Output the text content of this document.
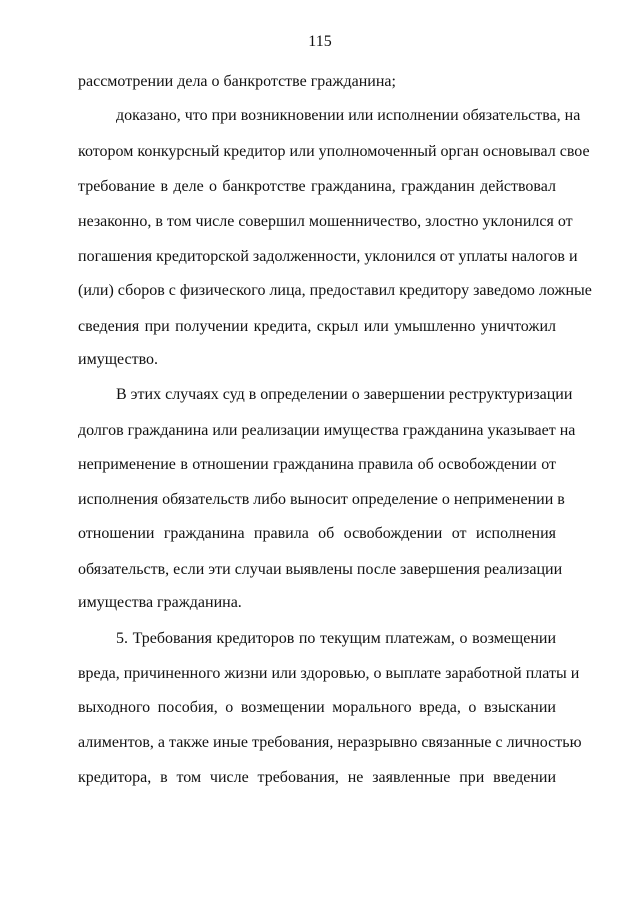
115
рассмотрении дела о банкротстве гражданина;
доказано, что при возникновении или исполнении обязательства, на
котором конкурсный кредитор или уполномоченный орган основывал свое
требование в деле о банкротстве гражданина, гражданин действовал
незаконно, в том числе совершил мошенничество, злостно уклонился от
погашения кредиторской задолженности, уклонился от уплаты налогов и
(или) сборов с физического лица, предоставил кредитору заведомо ложные
сведения при получении кредита, скрыл или умышленно уничтожил
имущество.
В этих случаях суд в определении о завершении реструктуризации
долгов гражданина или реализации имущества гражданина указывает на
неприменение в отношении гражданина правила об освобождении от
исполнения обязательств либо выносит определение о неприменении в
отношении гражданина правила об освобождении от исполнения
обязательств, если эти случаи выявлены после завершения реализации
имущества гражданина.
5. Требования кредиторов по текущим платежам, о возмещении
вреда, причиненного жизни или здоровью, о выплате заработной платы и
выходного пособия, о возмещении морального вреда, о взыскании
алиментов, а также иные требования, неразрывно связанные с личностью
кредитора, в том числе требования, не заявленные при введении
